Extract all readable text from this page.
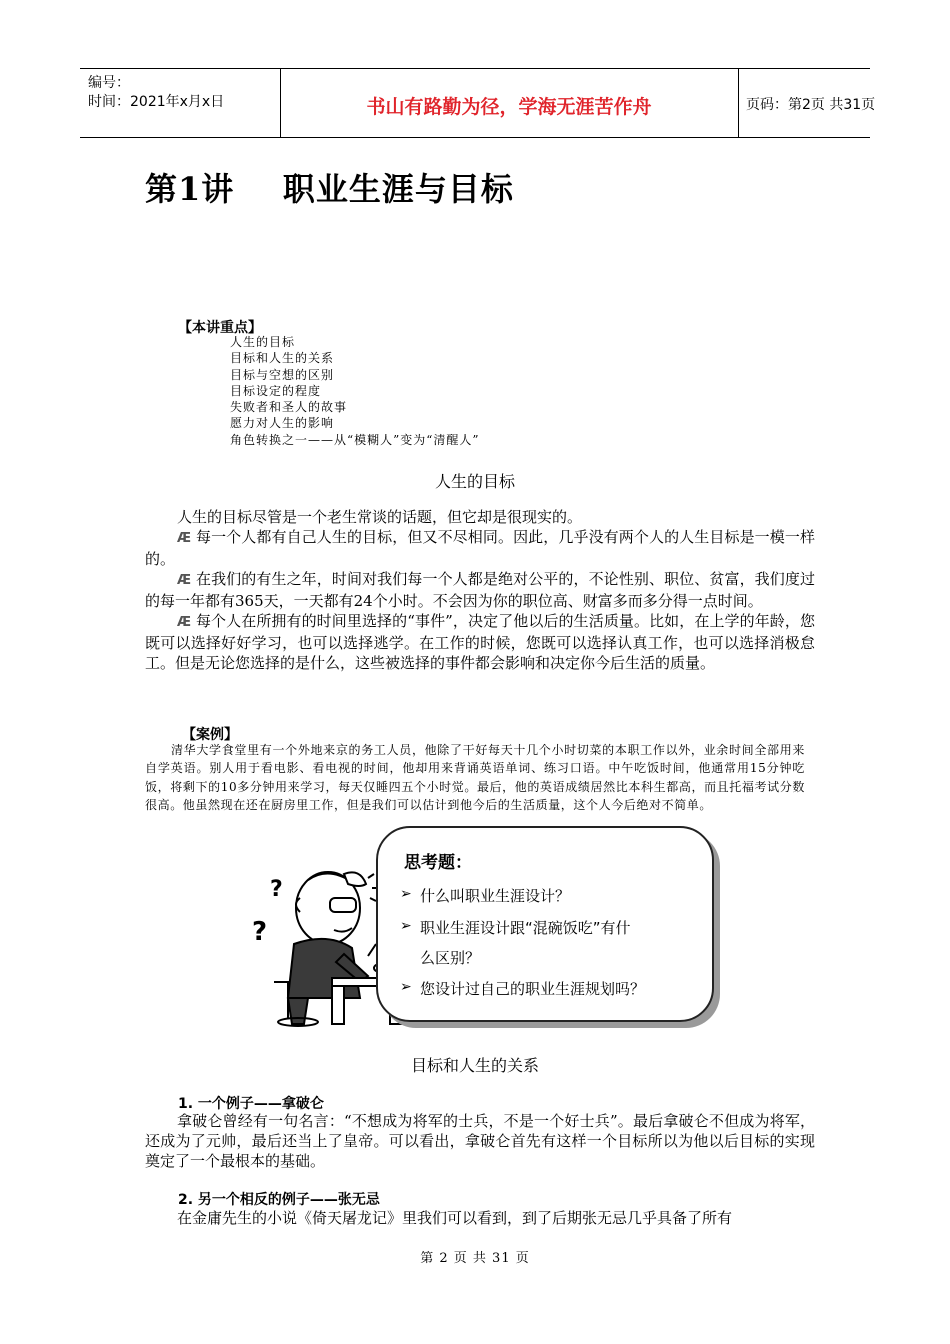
编号：
时间：2021年x月x日	书山有路勤为径，学海无涯苦作舟	页码：第2页 共31页
第1讲    职业生涯与目标
【本讲重点】
人生的目标
目标和人生的关系
目标与空想的区别
目标设定的程度
失败者和圣人的故事
愿力对人生的影响
角色转换之一——从“模糊人”变为“清醒人”
人生的目标

人生的目标尽管是一个老生常谈的话题，但它却是很现实的。

Æ 每一个人都有自己人生的目标，但又不尽相同。因此，几乎没有两个人的人生目标是一模一样的。

Æ 在我们的有生之年，时间对我们每一个人都是绝对公平的，不论性别、职位、贫富，我们度过的每一年都有365天，一天都有24个小时。不会因为你的职位高、财富多而多分得一点时间。

Æ 每个人在所拥有的时间里选择的“事件”，决定了他以后的生活质量。比如，在上学的年龄，您既可以选择好好学习，也可以选择逃学。在工作的时候，您既可以选择认真工作，也可以选择消极怠工。但是无论您选择的是什么，这些被选择的事件都会影响和决定你今后生活的质量。

【案例】

清华大学食堂里有一个外地来京的务工人员，他除了干好每天十几个小时切菜的本职工作以外，业余时间全部用来自学英语。别人用于看电影、看电视的时间，他却用来背诵英语单词、练习口语。中午吃饭时间，他通常用15分钟吃饭，将剩下的10多分钟用来学习，每天仅睡四五个小时觉。最后，他的英语成绩居然比本科生都高，而且托福考试分数很高。他虽然现在还在厨房里工作，但是我们可以估计到他今后的生活质量，这个人今后绝对不简单。

?
?
思考题：
➢ 什么叫职业生涯设计？
➢ 职业生涯设计跟“混碗饭吃”有什
么区别？
➢ 您设计过自己的职业生涯规划吗？
目标和人生的关系
1. 一个例子——拿破仑

拿破仑曾经有一句名言：“不想成为将军的士兵，不是一个好士兵”。最后拿破仑不但成为将军，还成为了元帅，最后还当上了皇帝。可以看出，拿破仑首先有这样一个目标所以为他以后目标的实现奠定了一个最根本的基础。

2. 另一个相反的例子——张无忌

在金庸先生的小说《倚天屠龙记》里我们可以看到，到了后期张无忌几乎具备了所有

第 2 页 共 31 页
